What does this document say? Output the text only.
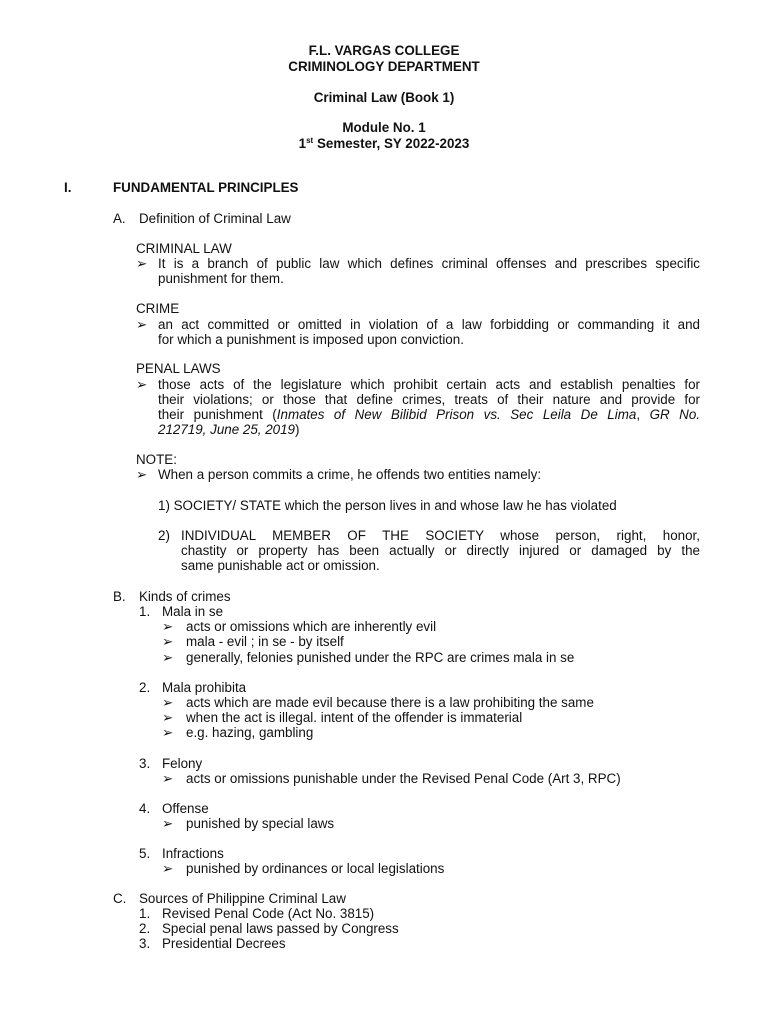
F.L. VARGAS COLLEGE
CRIMINOLOGY DEPARTMENT
Criminal Law (Book 1)
Module No. 1
1st Semester, SY 2022-2023
I.	FUNDAMENTAL PRINCIPLES
A. Definition of Criminal Law
CRIMINAL LAW
➢ It is a branch of public law which defines criminal offenses and prescribes specific
punishment for them.
CRIME
➢ an act committed or omitted in violation of a law forbidding or commanding it and
for which a punishment is imposed upon conviction.
PENAL LAWS
➢ those acts of the legislature which prohibit certain acts and establish penalties for
their violations; or those that define crimes, treats of their nature and provide for
their punishment (Inmates of New Bilibid Prison vs. Sec Leila De Lima, GR No.
212719, June 25, 2019)
NOTE:
➢ When a person commits a crime, he offends two entities namely:
1) SOCIETY/ STATE which the person lives in and whose law he has violated
2) INDIVIDUAL MEMBER OF THE SOCIETY whose person, right, honor,
chastity or property has been actually or directly injured or damaged by the
same punishable act or omission.
B. Kinds of crimes
1. Mala in se
➢ acts or omissions which are inherently evil
➢ mala - evil ; in se - by itself
➢ generally, felonies punished under the RPC are crimes mala in se
2. Mala prohibita
➢ acts which are made evil because there is a law prohibiting the same
➢ when the act is illegal. intent of the offender is immaterial
➢ e.g. hazing, gambling
3. Felony
➢ acts or omissions punishable under the Revised Penal Code (Art 3, RPC)
4. Offense
➢ punished by special laws
5. Infractions
➢ punished by ordinances or local legislations
C. Sources of Philippine Criminal Law
1. Revised Penal Code (Act No. 3815)
2. Special penal laws passed by Congress
3. Presidential Decrees
